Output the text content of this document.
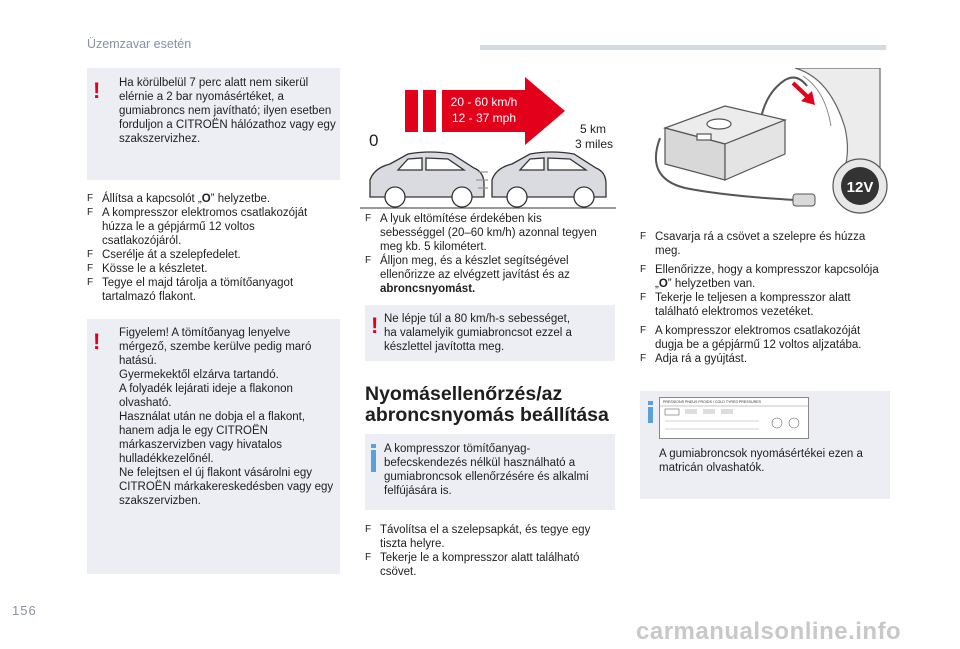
Üzemzavar esetén
! Ha körülbelül 7 perc alatt nem sikerül

elérnie a 2 bar nyomásértéket, a

gumiabroncs nem javítható; ilyen esetben

forduljon a CITROËN hálózathoz vagy egy

szakszervizhez.

F Állítsa a kapcsolót „O” helyzetbe.
F A kompresszor elektromos csatlakozóját
húzza le a gépjármű 12 voltos
csatlakozójáról.
F Cserélje át a szelepfedelet.
F Kösse le a készletet.
F Tegye el majd tárolja a tömítőanyagot
tartalmazó flakont.
! Figyelem! A tömítőanyag lenyelve

mérgező, szembe kerülve pedig maró

hatású.

Gyermekektől elzárva tartandó.

A folyadék lejárati ideje a flakonon

olvasható.

Használat után ne dobja el a flakont,

hanem adja le egy CITROËN

márkaszervizben vagy hivatalos

hulladékkezelőnél.

Ne felejtsen el új flakont vásárolni egy

CITROËN márkakereskedésben vagy egy

szakszervizben.

20 - 60 km/h
12 - 37 mph
5 km
3 miles
0
F A lyuk eltömítése érdekében kis
sebességgel (20–60 km/h) azonnal tegyen
meg kb. 5 kilométert.
F Álljon meg, és a készlet segítségével
ellenőrizze az elvégzett javítást és az
abroncsnyomást.
! Ne lépje túl a 80 km/h-s sebességet,

ha valamelyik gumiabroncsot ezzel a

készlettel javította meg.

Nyomásellenőrzés/az
abroncsnyomás beállítása

A kompresszor tömítőanyag-

befecskendezés nélkül használható a

gumiabroncsok ellenőrzésére és alkalmi

felfújására is.

F Távolítsa el a szelepsapkát, és tegye egy
tiszta helyre.
F Tekerje le a kompresszor alatt található
csövet.
12V
F Csavarja rá a csövet a szelepre és húzza
meg.
F Ellenőrizze, hogy a kompresszor kapcsolója
„O” helyzetben van.
F Tekerje le teljesen a kompresszor alatt
található elektromos vezetéket.
F A kompresszor elektromos csatlakozóját
dugja be a gépjármű 12 voltos aljzatába.
F Adja rá a gyújtást.
PRESSIONS PNEUS FROIDS / COLD TYRES PRESSURES

A gumiabroncsok nyomásértékei ezen a

matricán olvashatók.

156
carmanualsonline.info
